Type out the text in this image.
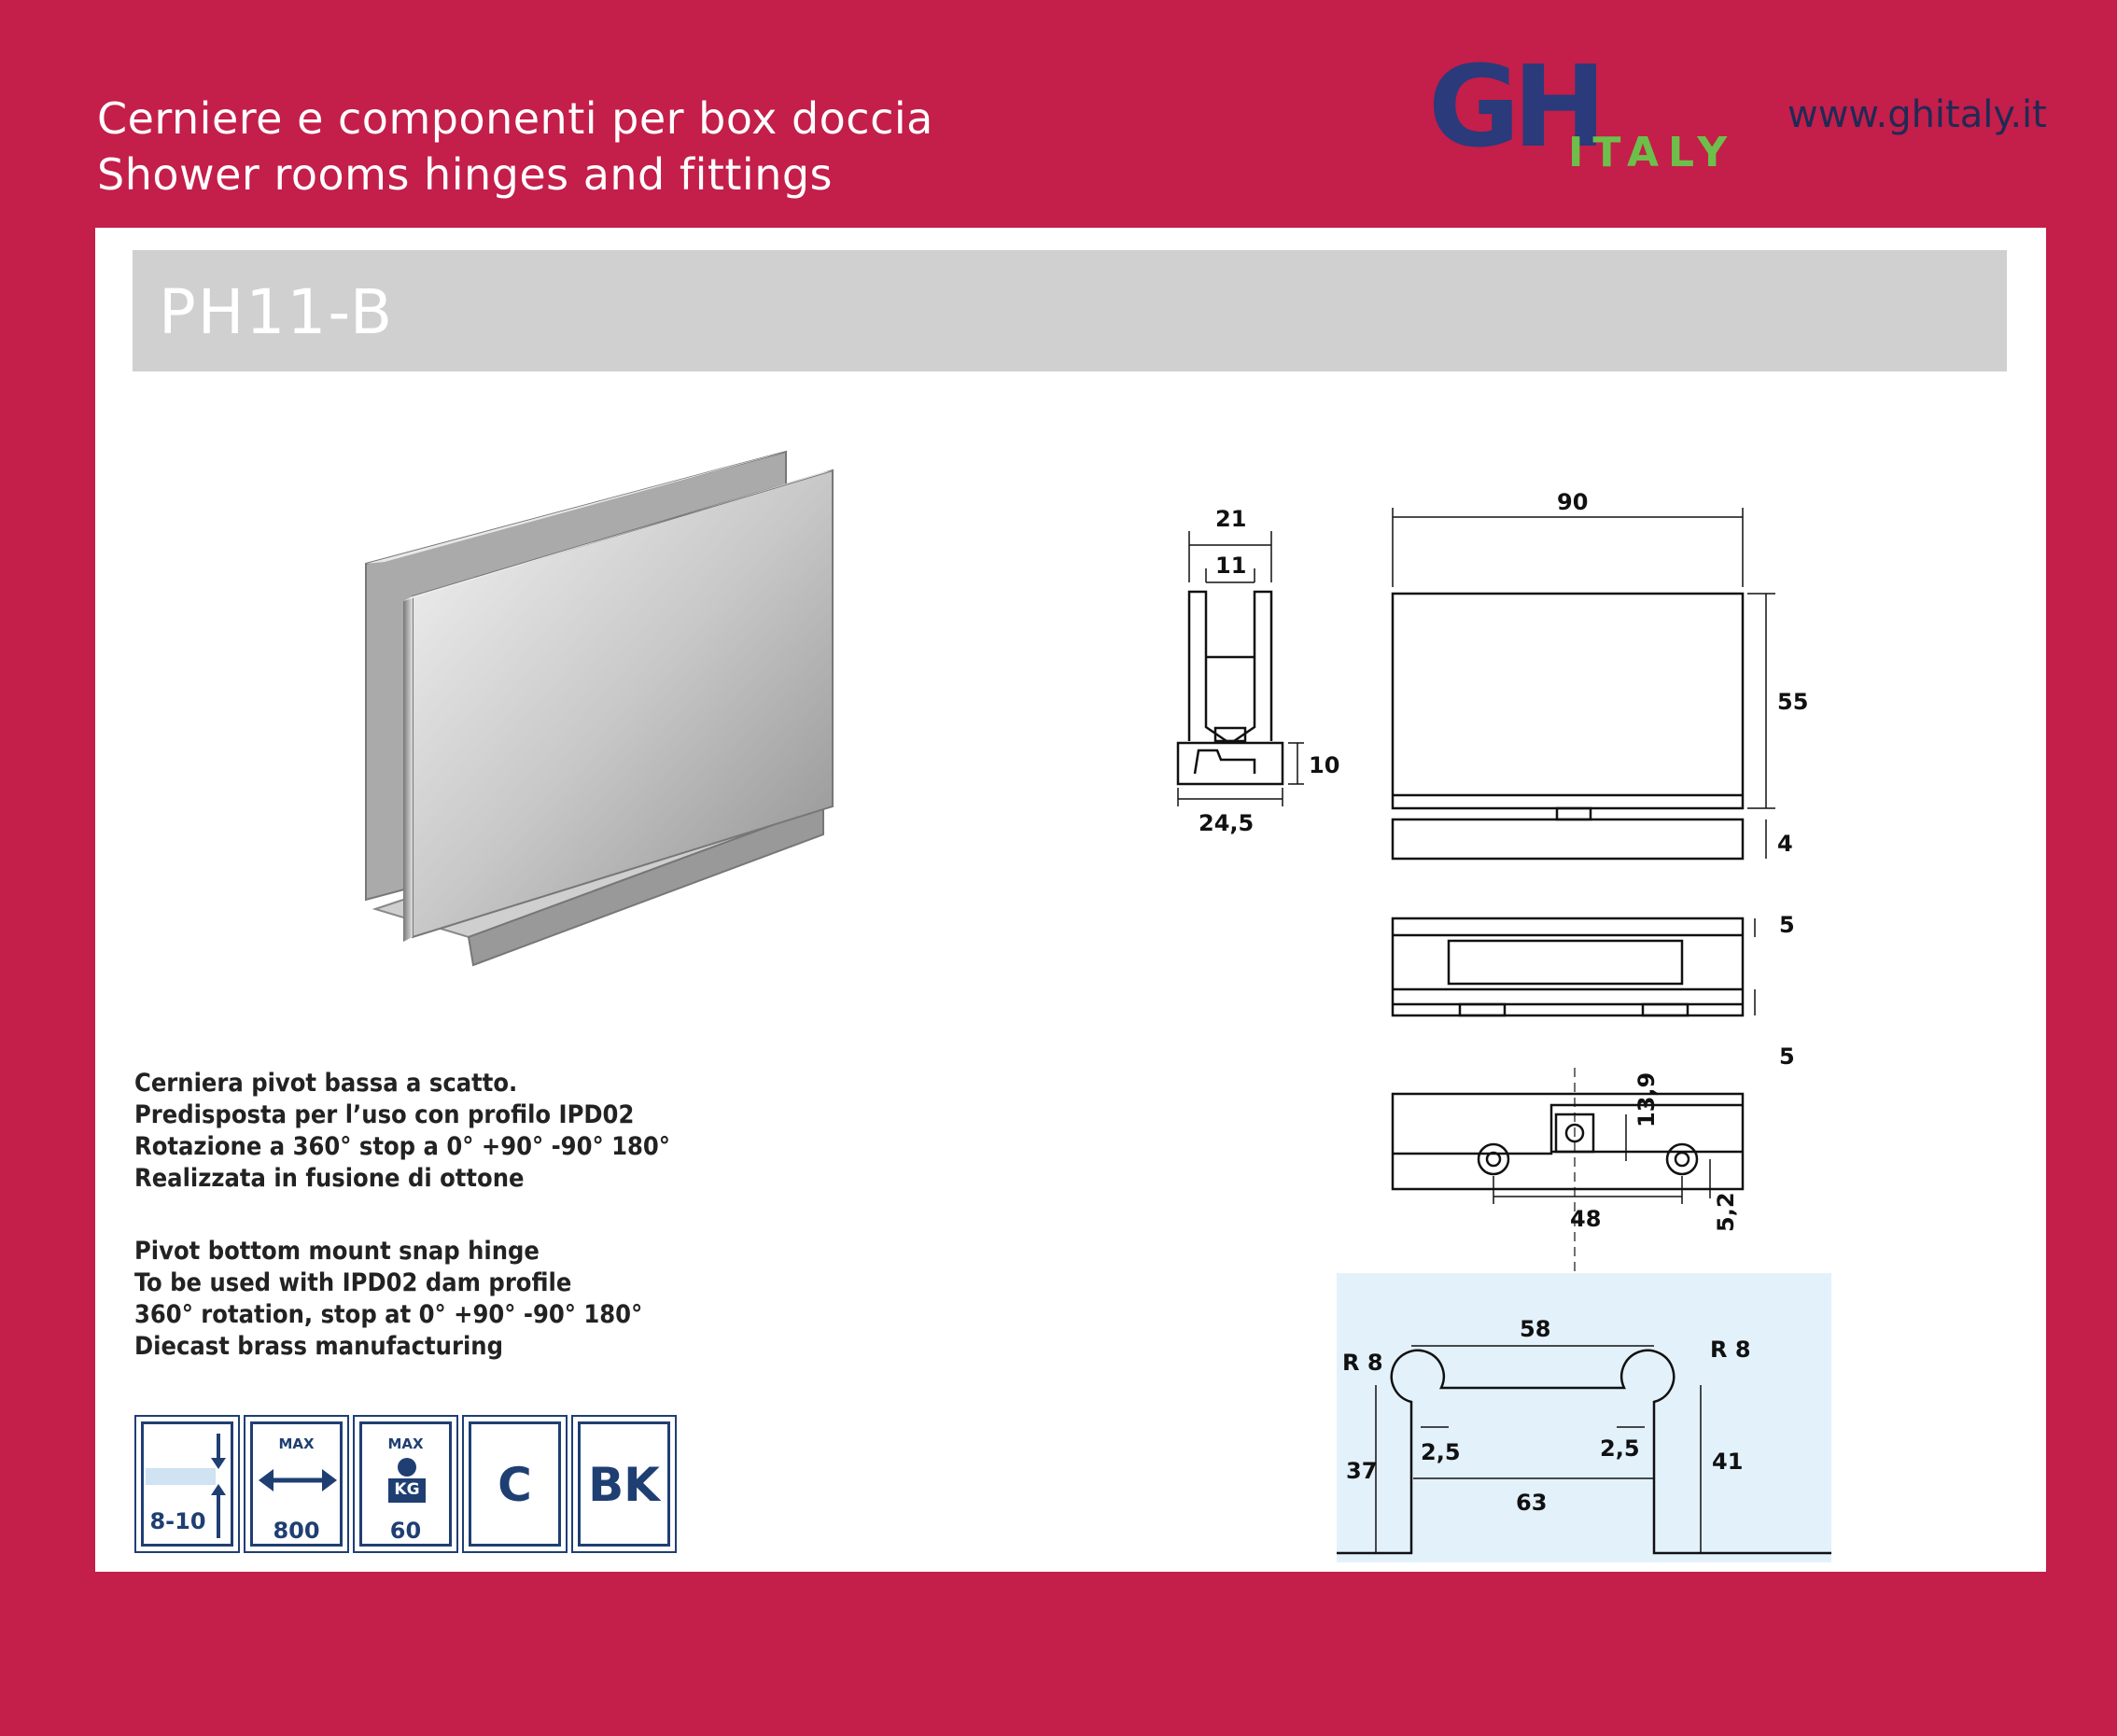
Cerniere e componenti per box doccia
Shower rooms hinges and fittings
GH
ITALY
www.ghitaly.it
PH11-B
Cerniera pivot bassa a scatto.
Predisposta per l’uso con profilo IPD02
Rotazione a 360° stop a 0° +90° -90° 180°
Realizzata in fusione di ottone
Pivot bottom mount snap hinge
To be used with IPD02 dam profile
360° rotation, stop at 0° +90° -90° 180°
Diecast brass manufacturing
8-10
MAX
800
MAX
KG
60
C	BK
21
11
10
24,5
90
55
4
5
5
13,9
48	5,2
58
R 8	R 8
2,5	2,5
37	41
63
